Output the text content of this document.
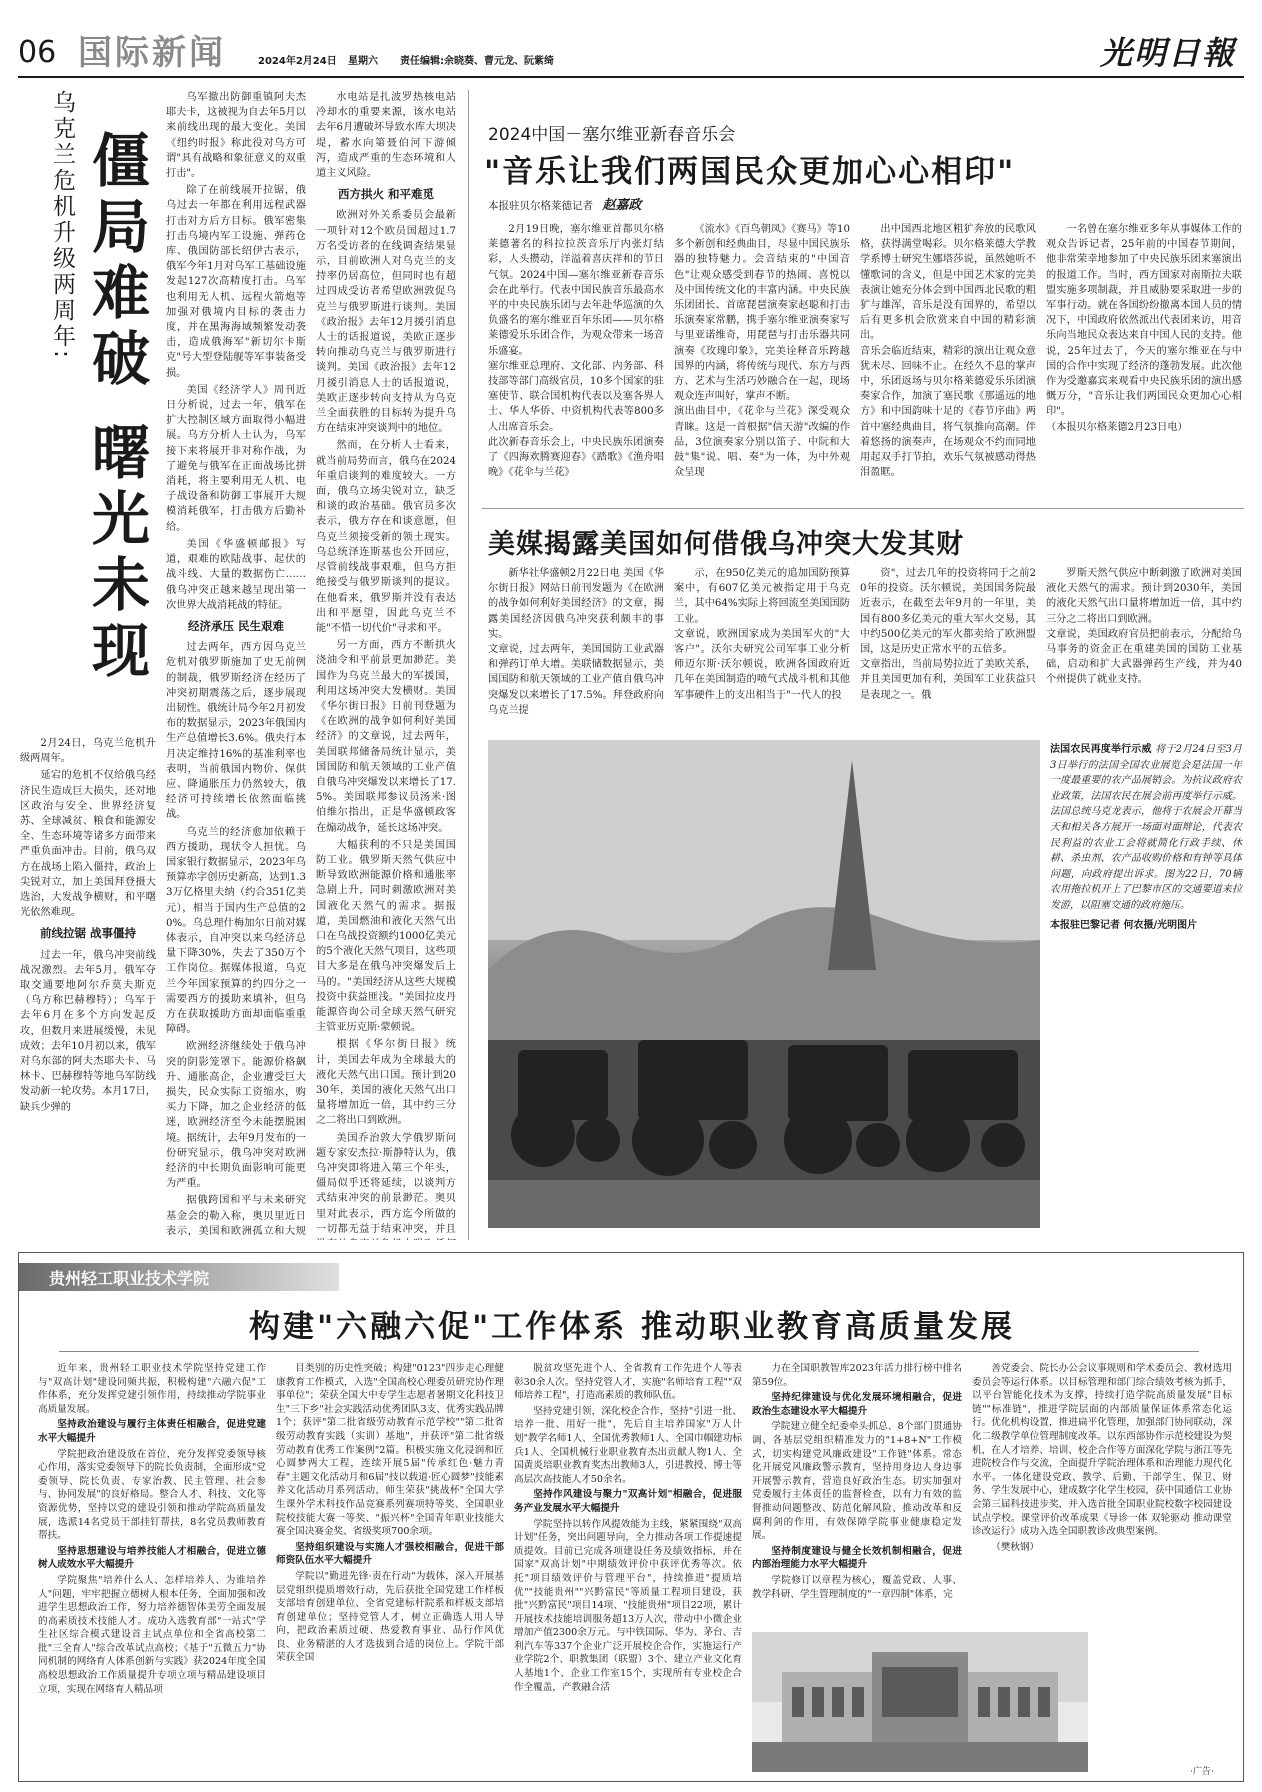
06 国际新闻	2024年2月24日 星期六 责任编辑:余晓葵、曹元龙、阮紫绮	光明日報
乌克兰危机升级两周年: 僵局难破 曙光未现

2月24日，乌克兰危机升级两周年。

延宕的危机不仅给俄乌经济民生造成巨大损失，还对地区政治与安全、世界经济复苏、全球减贫、粮食和能源安全、生态环境等诸多方面带来严重负面冲击。目前，俄乌双方在战场上陷入僵持，政治上尖锐对立，加上美国拜登摄大选治，大发战争横财，和平曙光依然难现。

前线拉锯 战事僵持

过去一年，俄乌冲突前线战况激烈。去年5月，俄军夺取交通要地阿尔乔莫夫斯克（乌方称巴赫穆特）；乌军于去年6月在多个方向发起反攻，但数月来进展缓慢，未见成效；去年10月初以来，俄军对乌东部的阿夫杰耶夫卡、马林卡、巴赫穆特等地乌军防线发动新一轮攻势。本月17日，缺兵少弹的

乌军撤出防御重镇阿夫杰耶夫卡，这被视为自去年5月以来前线出现的最大变化。美国《纽约时报》称此役对乌方可谓"具有战略和象征意义的双重打击"。

除了在前线展开拉锯，俄乌过去一年都在利用远程武器打击对方后方目标。俄军密集打击乌境内军工设施、弹药仓库、俄国防部长绍伊古表示，俄军今年1月对乌军工基础设施发起127次高精度打击。乌军也利用无人机、远程火箭炮等加强对俄境内目标的袭击力度，并在黑海海域频繁发动袭击，造成俄海军"新切尔卡斯克"号大型登陆舰等军事装备受损。

美国《经济学人》周刊近日分析说，过去一年，俄军在扩大控制区域方面取得小幅进展。乌方分析人士认为，乌军接下来将展开非对称作战，为了避免与俄军在正面战场比拼消耗，将主要利用无人机、电子战设备和防御工事展开大规模消耗俄军，打击俄方后勤补给。

美国《华盛顿邮报》写道，艰难的欧陆战事、起伏的战斗线、大量的数据伤亡……俄乌冲突正越来越呈现出第一次世界大战消耗战的特征。

经济承压 民生艰难

过去两年，西方因乌克兰危机对俄罗斯施加了史无前例的制裁，俄罗斯经济在经历了冲突初期震荡之后，逐步展现出韧性。俄统计局今年2月初发布的数据显示，2023年俄国内生产总值增长3.6%。俄央行本月决定维持16%的基准利率也表明，当前俄国内物价、保供应、降通胀压力仍然较大，俄经济可持续增长依然面临挑战。

乌克兰的经济愈加依赖于西方援助，现状令人担忧。乌国家银行数据显示，2023年乌预算赤字创历史新高，达到1.33万亿格里夫纳（约合351亿美元），相当于国内生产总值的20%。乌总理什梅加尔日前对媒体表示，自冲突以来乌经济总量下降30%，失去了350万个工作岗位。据媒体报道，乌克兰今年国家预算的约四分之一需要西方的援助来填补，但乌方在获取援助方面却面临重重障碍。

欧洲经济继续处于俄乌冲突的阴影笼罩下。能源价格飙升、通胀高企，企业遭受巨大损失，民众实际工资缩水，购买力下降，加之企业经济的低迷，欧洲经济至今未能摆脱困境。据统计，去年9月发布的一份研究显示，俄乌冲突对欧洲经济的中长期负面影响可能更为严重。

据俄跨国和平与未来研究基金会的勒入称，奥贝里近日表示，美国和欧洲孤立和大规

水电站是扎波罗热核电站冷却水的重要来源，该水电站去年6月遭破坏导致水库大坝决堤，蓄水向第聂伯河下游倾泻，造成严重的生态环境和人道主义风险。

西方拱火 和平难觅

欧洲对外关系委员会最新一项针对12个欧员国超过1.7万名受访者的在线调查结果显示，目前欧洲人对乌克兰的支持率仍居高位，但同时也有超过四成受访者希望欧洲敦促乌克兰与俄罗斯进行谈判。美国《政治报》去年12月援引消息人士的话报道说，美欧正逐步转向推动乌克兰与俄罗斯进行谈判。美国《政治报》去年12月援引消息人士的话报道说，美欧正逐步转向支持从为乌克兰全面获胜的目标转为提升乌方在结束冲突谈判中的地位。

然而，在分析人士看来，就当前局势而言，俄乌在2024年重启谈判的难度较大。一方面，俄乌立场尖锐对立，缺乏和谈的政治基础。俄官员多次表示，俄方存在和谈意愿，但乌克兰须接受新的领土现实。乌总统泽连斯基也公开回应，尽管前线战事艰难，但乌方拒绝接受与俄罗斯谈判的提议。在他看来，俄罗斯并没有表达出和平愿望，因此乌克兰不能"不惜一切代价"寻求和平。

另一方面，西方不断拱火浇油令和平前景更加渺茫。美国作为乌克兰最大的军援国，利用这场冲突大发横财。美国《华尔街日报》日前刊登题为《在欧洲的战争如何利好美国经济》的文章说，过去两年，美国联邦储备局统计显示，美国国防和航天领域的工业产值自俄乌冲突爆发以来增长了17.5%。美国联邦参议员汤米·图伯维尔指出，正是华盛顿政客在煽动战争，延长这场冲突。

大幅获利的不只是美国国防工业。俄罗斯天然气供应中断导致欧洲能源价格和通胀率急剧上升，同时刺激欧洲对美国液化天然气的需求。据报道，美国燃油和液化天然气出口在乌战投资额约1000亿美元的5个液化天然气项目，这些项目大多是在俄乌冲突爆发后上马的。"美国经济从这些大规模投资中获益匪浅。"美国拉皮丹能源咨询公司全球天然气研究主管亚历克斯·蒙顿说。

根据《华尔街日报》统计，美国去年成为全球最大的液化天然气出口国。预计到2030年，美国的液化天然气出口量将增加近一倍，其中约三分之二将出口到欧洲。

美国乔治敦大学俄罗斯问题专家安杰拉·斯静特认为，俄乌冲突即将进入第三个年头，僵局似乎还将延续，以谈判方式结束冲突的前景渺茫。奥贝里对此表示，西方迄今所做的一切都无益于结束冲突，并且

2024中国－塞尔维亚新春音乐会
"音乐让我们两国民众更加心心相印"
本报驻贝尔格莱德记者 赵嘉政
2月19日晚，塞尔维亚首都贝尔格莱德著名的科拉拉茨音乐厅内张灯结彩，人头攒动，洋溢着喜庆祥和的节日气氛。2024中国—塞尔维亚新春音乐会在此举行。代表中国民族音乐最高水平的中央民族乐团与去年赴华巡演的久负盛名的塞尔维亚百年乐团——贝尔格莱德爱乐乐团合作，为观众带来一场音乐盛宴。
塞尔维亚总理府、文化部、内务部、科技部等部门高级官员，10多个国家的驻塞使节、联合国机构代表以及塞各界人士、华人华侨、中资机构代表等800多人出席音乐会。
此次新春音乐会上，中央民族乐团演奏了《四海欢腾赛迎春》《踏歌》《渔舟唱晚》《花伞与兰花》
《流水》《百鸟朝凤》《赛马》等10多个新创和经典曲目，尽显中国民族乐器的独特魅力。会音结束的"中国音色"让观众感受到春节的热闹、喜悦以及中国传统文化的丰富内涵。中央民族乐团团长、首席琵琶演奏家赵聪和打击乐演奏家常鹏，携手塞尔维亚演奏家写与里亚诺维奇，用琵琶与打击乐器共同演奏《玫瑰印象》，完美诠释音乐跨越国界的内涵，将传统与现代、东方与西方、艺术与生活巧妙融合在一起，现场观众连声叫好，掌声不断。
演出曲目中，《花伞与兰花》深受观众青睐。这是一首根据"信天游"改编的作品，3位演奏家分别以笛子、中阮和大鼓"集"说、唱、奏"为一体，为中外观众呈现
出中国西北地区粗犷奔放的民歌风格，获得满堂喝彩。贝尔格莱德大学教学系博士研究生娜塔莎说，虽然她听不懂歌词的含义，但是中国艺术家的完美表演让她充分体会到中国西北民歌的粗犷与雄浑，音乐是没有国界的，希望以后有更多机会欣赏来自中国的精彩演出。
音乐会临近结束，精彩的演出让观众意犹未尽、回味不止。在经久不息的掌声中，乐团返场与贝尔格莱德爱乐乐团演奏家合作，加演了塞民歌《那遥远的地方》和中国韵味十足的《春节序曲》两首中塞经典曲目，将气氛推向高潮。伴着悠扬的演奏声，在场观众不约而同地用起双手打节拍，欢乐气氛被感动得热泪盈眶。
一名曾在塞尔维亚多年从事媒体工作的观众告诉记者，25年前的中国春节期间，他非常荣幸地参加了中央民族乐团来塞演出的报道工作。当时，西方国家对南斯拉夫联盟实施多项制裁，并且威胁要采取进一步的军事行动。就在各国纷纷撤离本国人员的情况下，中国政府依然派出代表团来访，用音乐向当地民众表达来自中国人民的支持。他说，25年过去了，今天的塞尔维亚在与中国的合作中实现了经济的蓬勃发展。此次他作为受邀嘉宾来观看中央民族乐团的演出感慨万分，"音乐让我们两国民众更加心心相印"。
（本报贝尔格莱德2月23日电）
美媒揭露美国如何借俄乌冲突大发其财
新华社华盛顿2月22日电 美国《华尔街日报》网站日前刊发题为《在欧洲的战争如何利好美国经济》的文章，揭露美国经济因俄乌冲突获利颇丰的事实。
文章说，过去两年，美国国防工业武器和弹药订单大增。美联储数据显示，美国国防和航天领域的工业产值自俄乌冲突爆发以来增长了17.5%。拜登政府向乌克兰提
示，在950亿美元的追加国防预算案中，有607亿美元被指定用于乌克兰，其中64%实际上将回流至美国国防工业。
文章说，欧洲国家成为美国军火的"大客户"。沃尔夫研究公司军事工业分析师迈尔斯·沃尔顿说，欧洲各国政府近几年在美国制造的喷气式战斗机和其他军事硬件上的支出相当于"一代人的投
资"，过去几年的投资将同于之前20年的投资。沃尔顿说，美国国务院最近表示，在截至去年9月的一年里，美国有800多亿美元的重大军火交易，其中约500亿美元的军火都卖给了欧洲盟国，这是历史正常水平的五倍多。
文章指出，当前局势拉近了美欧关系，并且美国更加有利，美国军工业获益只是表现之一。俄
罗斯天然气供应中断刺激了欧洲对美国液化天然气的需求。预计到2030年，美国的液化天然气出口量将增加近一倍，其中约三分之二将出口到欧洲。
文章说，美国政府官员把前表示，分配给乌马事务的资金正在重建美国的国防工业基础，启动和扩大武器弹药生产线，并为40个州提供了就业支持。
法国农民再度举行示威 将于2月24日至3月3日举行的法国全国农业展览会是法国一年一度最重要的农产品展销会。为抗议政府农业政策，法国农民在展会前再度举行示威。法国总统马克龙表示，他将于农展会开幕当天和相关各方展开一场面对面辩论，代表农民利益的农业工会将就简化行政手续、休耕、杀虫剂、农产品收购价格和有钟等具体问题，向政府提出诉求。图为22日，70辆农用拖拉机开上了巴黎市区的交通要道来拉发游，以阻塞交通的政府施压。
本报驻巴黎记者 何农摄/光明图片
贵州轻工职业技术学院
构建"六融六促"工作体系 推动职业教育高质量发展

近年来，贵州轻工职业技术学院坚持党建工作与"双高计划"建设同频共振，积极构建"六融六促"工作体系，充分发挥党建引领作用，持续推动学院事业高质量发展。

坚持政治建设与履行主体责任相融合，促进党建水平大幅提升

学院把政治建设放在首位，充分发挥党委领导核心作用，落实党委领导下的院长负责制，全面形成"党委领导、院长负责、专家治教、民主管理、社会参与、协同发展"的良好格局。整合人才、科技、文化等资源优势，坚持以党的建设引领和推动学院高质量发展，选派14名党员干部挂钉帮扶，8名党员教师教育帮扶。

坚持思想建设与培养技能人才相融合，促进立德树人成效水平大幅提升

学院聚焦"培养什么人、怎样培养人、为谁培养人"问题，牢牢把握立德树人根本任务，全面加强和改进学生思想政治工作，努力培养德智体美劳全面发展的高素质技术技能人才。成功入选教育部"一站式"学生社区综合模式建设首主试点单位和全省高校第二批"三全育人"综合改革试点高校；《基于"五微五力"协同机制的网络育人体系创新与实践》获2024年度全国高校思想政治工作质量提升专项立项与精品建设项目立项，实现在网络育人精品项

目类别的历史性突破；构建"0123"四步走心理健康教育工作模式，入选"全国高校心理委员研究协作理事单位"；荣获全国大中专学生志愿者暑期文化科技卫生"三下乡"社会实践活动优秀团队3支、优秀实践品牌1个；获评"第二批省级劳动教育示范学校""第二批省级劳动教育实践（实训）基地"，并获评"第二批省级劳动教育优秀工作案例"2篇。积极实施文化浸润和匠心圆梦两大工程，连续开展5届"传承红色·魅力青春"主题文化活动月和6届"技以载道·匠心圆梦"技能素养文化活动月系列活动，师生荣获"挑战杯"全国大学生课外学术科技作品竞赛系列赛项特等奖、全国职业院校技能大赛一等奖、"振兴杯"全国青年职业技能大赛全国决赛金奖、省级奖项700余项。

坚持组织建设与实施人才强校相融合，促进干部师资队伍水平大幅提升

学院以"勤进先锋·责在行动"为载体，深入开展基层党组织提质增效行动，先后获批全国党建工作样板支部培育创建单位、全省党建标杆院系和样板支部培育创建单位；坚持党管人才，树立正确选人用人导向，把政治素质过硬、热爱教育事业、品行作风优良、业务精湛的人才选拔到合适的岗位上。学院干部荣获全国

脱贫攻坚先进个人、全省教育工作先进个人等表彰30余人次。坚持党管人才，实施"名师培育工程""双师培养工程"，打造高素质的教师队伍。

坚持党建引领，深化校企合作，坚持"引进一批、培养一批、用好一批"，先后自主培养国家"万人计划"教学名师1人、全国优秀教师1人、全国巾帼建功标兵1人、全国机械行业职业教育杰出贡献人物1人、全国黄炎培职业教育奖杰出教师3人，引进教授、博士等高层次高技能人才50余名。

坚持作风建设与聚力"双高计划"相融合，促进服务产业发展水平大幅提升

学院坚持以转作风提效能为主线，紧紧围绕"双高计划"任务，突出问题导向，全力推动各项工作提速提质提效。目前已完成各项建设任务及绩效指标，并在国家"双高计划"中期绩效评价中获评优秀等次。依托"项目绩效评价与管理平台"，持续推进"提质培优""技能贵州""兴黔富民"等质量工程项目建设，获批"兴黔富民"项目14项、"技能贵州"项目22项，累计开展技术技能培训服务超13万人次，带动中小微企业增加产值2300余万元。与中铁国际、华为、茅台、吉利汽车等337个企业广泛开展校企合作，实施运行产业学院2个、职教集团（联盟）3个、建立产业文化育人基地1个、企业工作室15个，实现所有专业校企合作全覆盖，产教融合活

力在全国职教智库2023年活力排行榜中排名第59位。

坚持纪律建设与优化发展环境相融合，促进政治生态建设水平大幅提升

学院建立健全纪委牵头抓总、8个部门贯通协调、各基层党组织精准发力的"1+8+N"工作模式，切实构建党风廉政建设"工作链"体系。常态化开展党风廉政警示教育，坚持用身边人身边事开展警示教育，营造良好政治生态。切实加强对党委履行主体责任的监督检查，以有力有效的监督推动问题整改、防范化解风险、推动改革和反腐利剑的作用，有效保障学院事业健康稳定发展。

坚持制度建设与健全长效机制相融合，促进内部治理能力水平大幅提升

学院修订以章程为核心，覆盖党政、人事、教学科研、学生管理制度的"一章四制"体系，完

善党委会、院长办公会议事规则和学术委员会、教材选用委员会等运行体系。以目标管理和部门综合绩效考核为抓手，以平台智能化技术为支撑，持续打造学院高质量发展"目标链""标准链"，推进学院层面的内部质量保证体系常态化运行。优化机构设置，推进扁平化管理，加强部门协同联动，深化二级教学单位管理制度改革。以东西部协作示范校建设为契机，在人才培养、培训、校企合作等方面深化学院与浙江等先进院校合作与交流，全面提升学院治理体系和治理能力现代化水平。一体化建设党政、教学、后勤、干部学生、保卫、财务、学生发展中心，建成数字化学生校园，获中国通信工业协会第三届科技进步奖，并入选首批全国职业院校数字校园建设试点学校。课堂评价改革成果《导诊一体 双轮驱动 推动课堂诊改运行》成功入选全国职教诊改典型案例。

（樊秋钢）

·广告·
